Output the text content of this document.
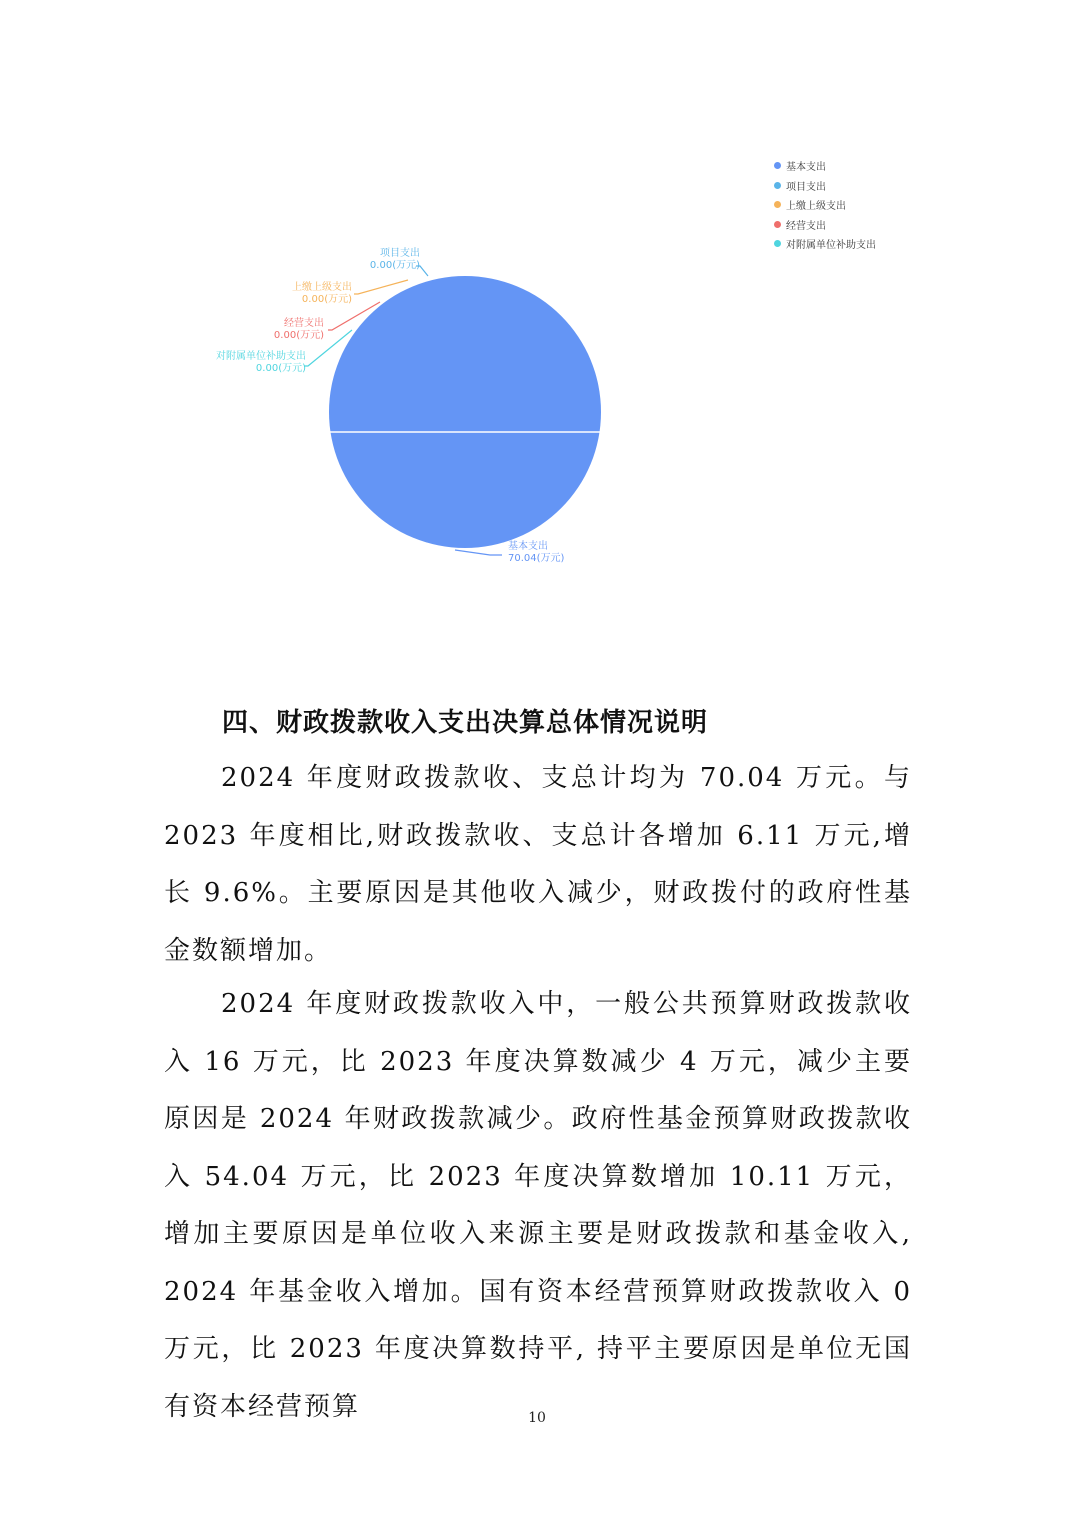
基本支出
70.04(万元)
项目支出
0.00(万元)
上缴上级支出
0.00(万元)
经营支出
0.00(万元)
对附属单位补助支出
0.00(万元)
基本支出
项目支出
上缴上级支出
经营支出
对附属单位补助支出
四、财政拨款收入支出决算总体情况说明

2024 年度财政拨款收、支总计均为 70.04 万元。与 2023 年度相比,财政拨款收、支总计各增加 6.11 万元,增长 9.6%。主要原因是其他收入减少，财政拨付的政府性基金数额增加。

2024 年度财政拨款收入中，一般公共预算财政拨款收入 16 万元，比 2023 年度决算数减少 4 万元，减少主要原因是 2024 年财政拨款减少。政府性基金预算财政拨款收入 54.04 万元，比 2023 年度决算数增加 10.11 万元，增加主要原因是单位收入来源主要是财政拨款和基金收入, 2024 年基金收入增加。国有资本经营预算财政拨款收入 0 万元，比 2023 年度决算数持平, 持平主要原因是单位无国有资本经营预算	10
